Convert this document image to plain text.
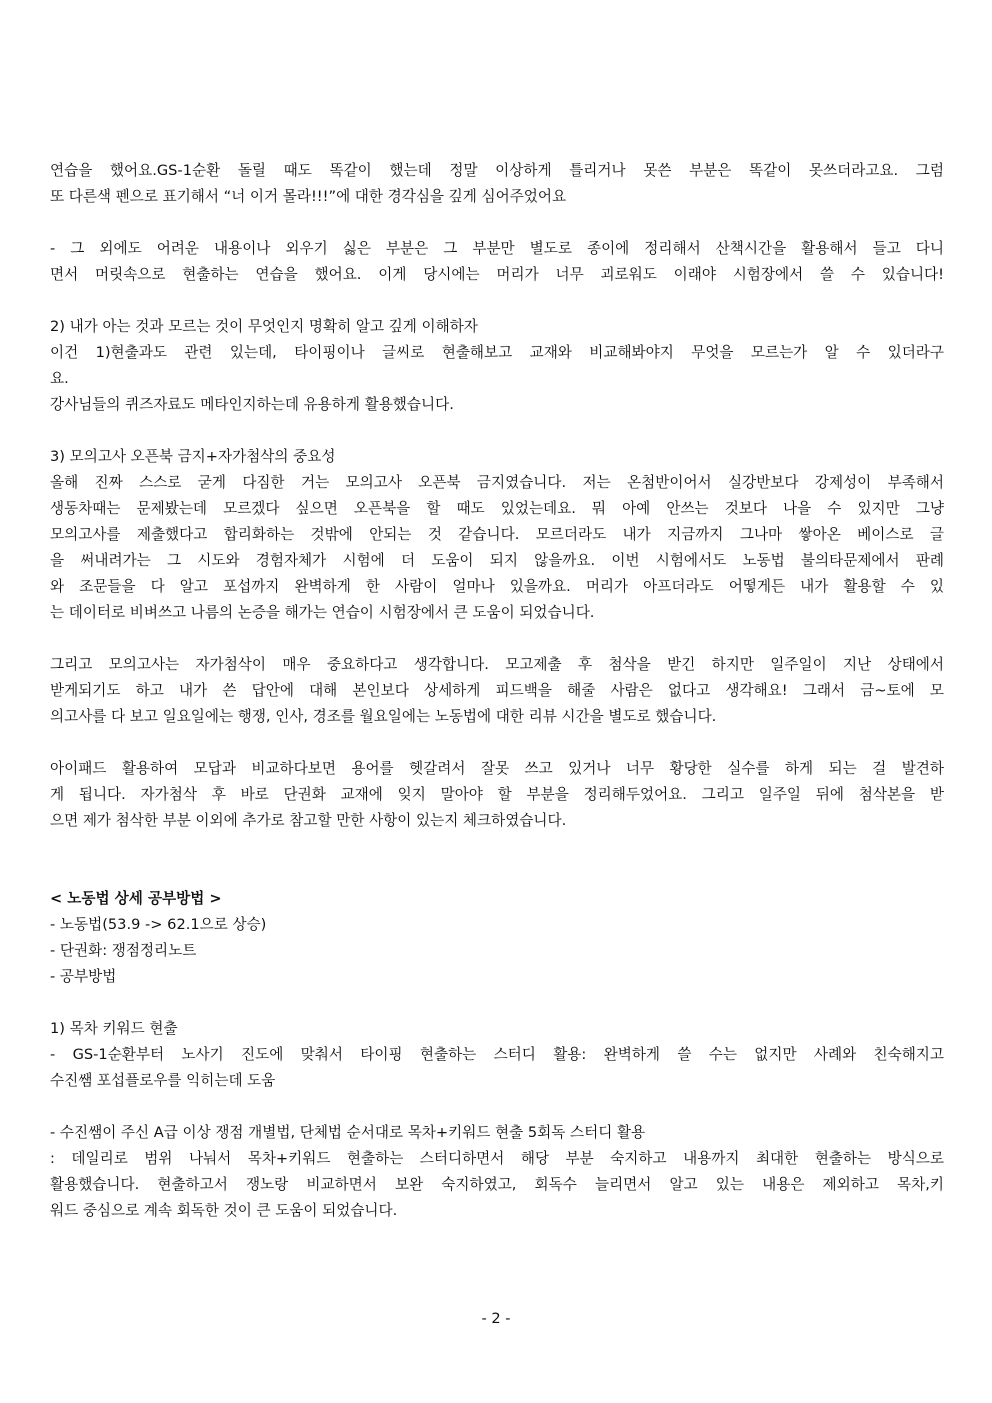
연습을 했어요.GS-1순환 돌릴 때도 똑같이 했는데 정말 이상하게 틀리거나 못쓴 부분은 똑같이 못쓰더라고요. 그럼
또 다른색 펜으로 표기해서 “너 이거 몰라!!!”에 대한 경각심을 깊게 심어주었어요
- 그 외에도 어려운 내용이나 외우기 싫은 부분은 그 부분만 별도로 종이에 정리해서 산책시간을 활용해서 들고 다니
면서 머릿속으로 현출하는 연습을 했어요. 이게 당시에는 머리가 너무 괴로워도 이래야 시험장에서 쓸 수 있습니다!
2) 내가 아는 것과 모르는 것이 무엇인지 명확히 알고 깊게 이해하자
이건 1)현출과도 관련 있는데, 타이핑이나 글씨로 현출해보고 교재와 비교해봐야지 무엇을 모르는가 알 수 있더라구
요.
강사님들의 퀴즈자료도 메타인지하는데 유용하게 활용했습니다.
3) 모의고사 오픈북 금지+자가첨삭의 중요성
올해 진짜 스스로 굳게 다짐한 거는 모의고사 오픈북 금지였습니다. 저는 온첨반이어서 실강반보다 강제성이 부족해서
생동차때는 문제봤는데 모르겠다 싶으면 오픈북을 할 때도 있었는데요. 뭐 아예 안쓰는 것보다 나을 수 있지만 그냥
모의고사를 제출했다고 합리화하는 것밖에 안되는 것 같습니다. 모르더라도 내가 지금까지 그나마 쌓아온 베이스로 글
을 써내려가는 그 시도와 경험자체가 시험에 더 도움이 되지 않을까요. 이번 시험에서도 노동법 불의타문제에서 판례
와 조문들을 다 알고 포섭까지 완벽하게 한 사람이 얼마나 있을까요. 머리가 아프더라도 어떻게든 내가 활용할 수 있
는 데이터로 비벼쓰고 나름의 논증을 해가는 연습이 시험장에서 큰 도움이 되었습니다.
그리고 모의고사는 자가첨삭이 매우 중요하다고 생각합니다. 모고제출 후 첨삭을 받긴 하지만 일주일이 지난 상태에서
받게되기도 하고 내가 쓴 답안에 대해 본인보다 상세하게 피드백을 해줄 사람은 없다고 생각해요! 그래서 금~토에 모
의고사를 다 보고 일요일에는 행쟁, 인사, 경조를 월요일에는 노동법에 대한 리뷰 시간을 별도로 했습니다.
아이패드 활용하여 모답과 비교하다보면 용어를 헷갈려서 잘못 쓰고 있거나 너무 황당한 실수를 하게 되는 걸 발견하
게 됩니다. 자가첨삭 후 바로 단권화 교재에 잊지 말아야 할 부분을 정리해두었어요. 그리고 일주일 뒤에 첨삭본을 받
으면 제가 첨삭한 부분 이외에 추가로 참고할 만한 사항이 있는지 체크하였습니다.
< 노동법 상세 공부방법 >
- 노동법(53.9 -> 62.1으로 상승)
- 단권화: 쟁점정리노트
- 공부방법
1) 목차 키워드 현출
- GS-1순환부터 노사기 진도에 맞춰서 타이핑 현출하는 스터디 활용: 완벽하게 쓸 수는 없지만 사례와 친숙해지고
수진쌤 포섭플로우를 익히는데 도움
- 수진쌤이 주신 A급 이상 쟁점 개별법, 단체법 순서대로 목차+키워드 현출 5회독 스터디 활용
: 데일리로 범위 나눠서 목차+키워드 현출하는 스터디하면서 해당 부분 숙지하고 내용까지 최대한 현출하는 방식으로
활용했습니다. 현출하고서 쟁노랑 비교하면서 보완 숙지하였고, 회독수 늘리면서 알고 있는 내용은 제외하고 목차,키
워드 중심으로 계속 회독한 것이 큰 도움이 되었습니다.
- 2 -
